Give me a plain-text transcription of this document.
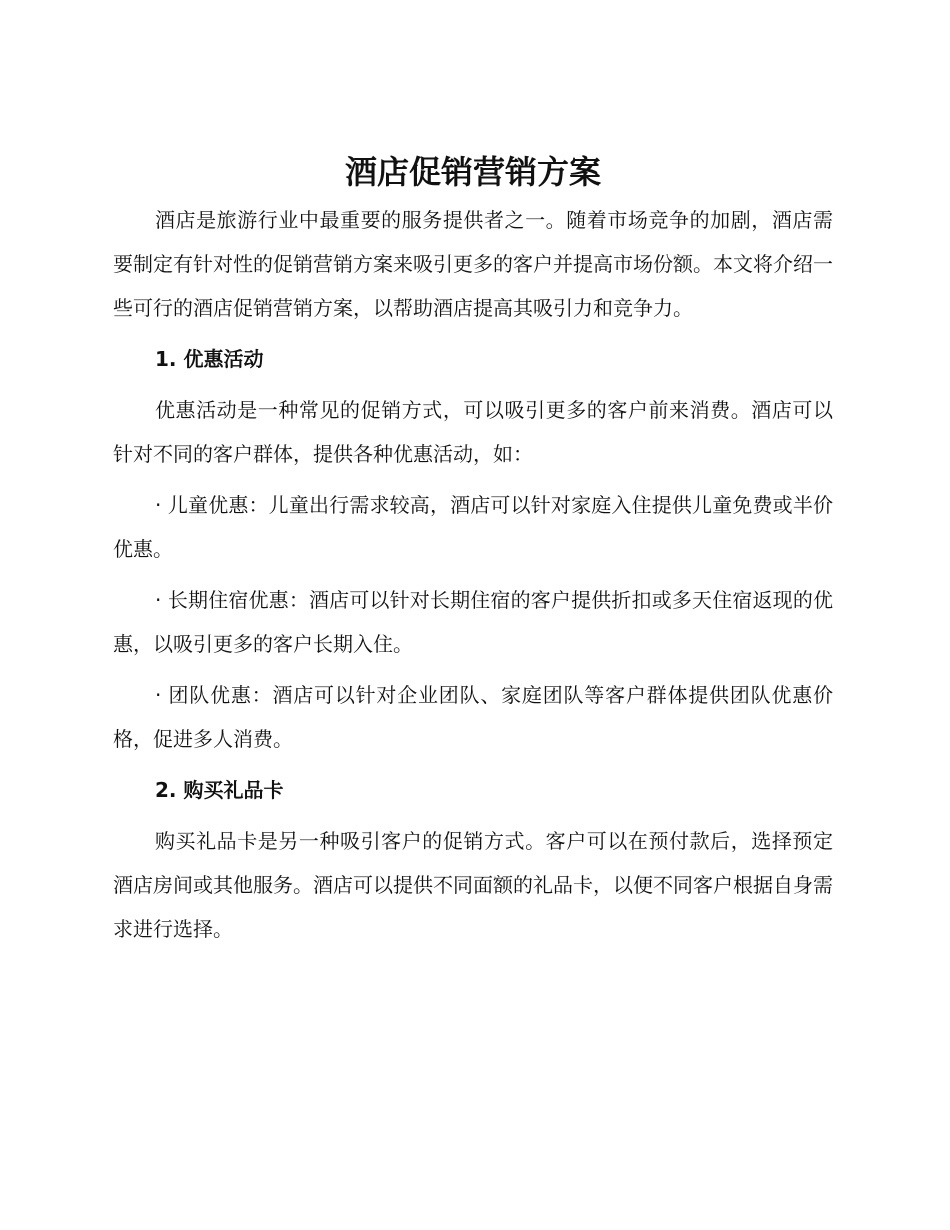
酒店促销营销方案

酒店是旅游行业中最重要的服务提供者之一。随着市场竞争的加剧，酒店需要制定有针对性的促销营销方案来吸引更多的客户并提高市场份额。本文将介绍一些可行的酒店促销营销方案，以帮助酒店提高其吸引力和竞争力。

1. 优惠活动

优惠活动是一种常见的促销方式，可以吸引更多的客户前来消费。酒店可以针对不同的客户群体，提供各种优惠活动，如：

· 儿童优惠：儿童出行需求较高，酒店可以针对家庭入住提供儿童免费或半价优惠。

· 长期住宿优惠：酒店可以针对长期住宿的客户提供折扣或多天住宿返现的优惠，以吸引更多的客户长期入住。

· 团队优惠：酒店可以针对企业团队、家庭团队等客户群体提供团队优惠价格，促进多人消费。

2. 购买礼品卡

购买礼品卡是另一种吸引客户的促销方式。客户可以在预付款后，选择预定酒店房间或其他服务。酒店可以提供不同面额的礼品卡，以便不同客户根据自身需求进行选择。
